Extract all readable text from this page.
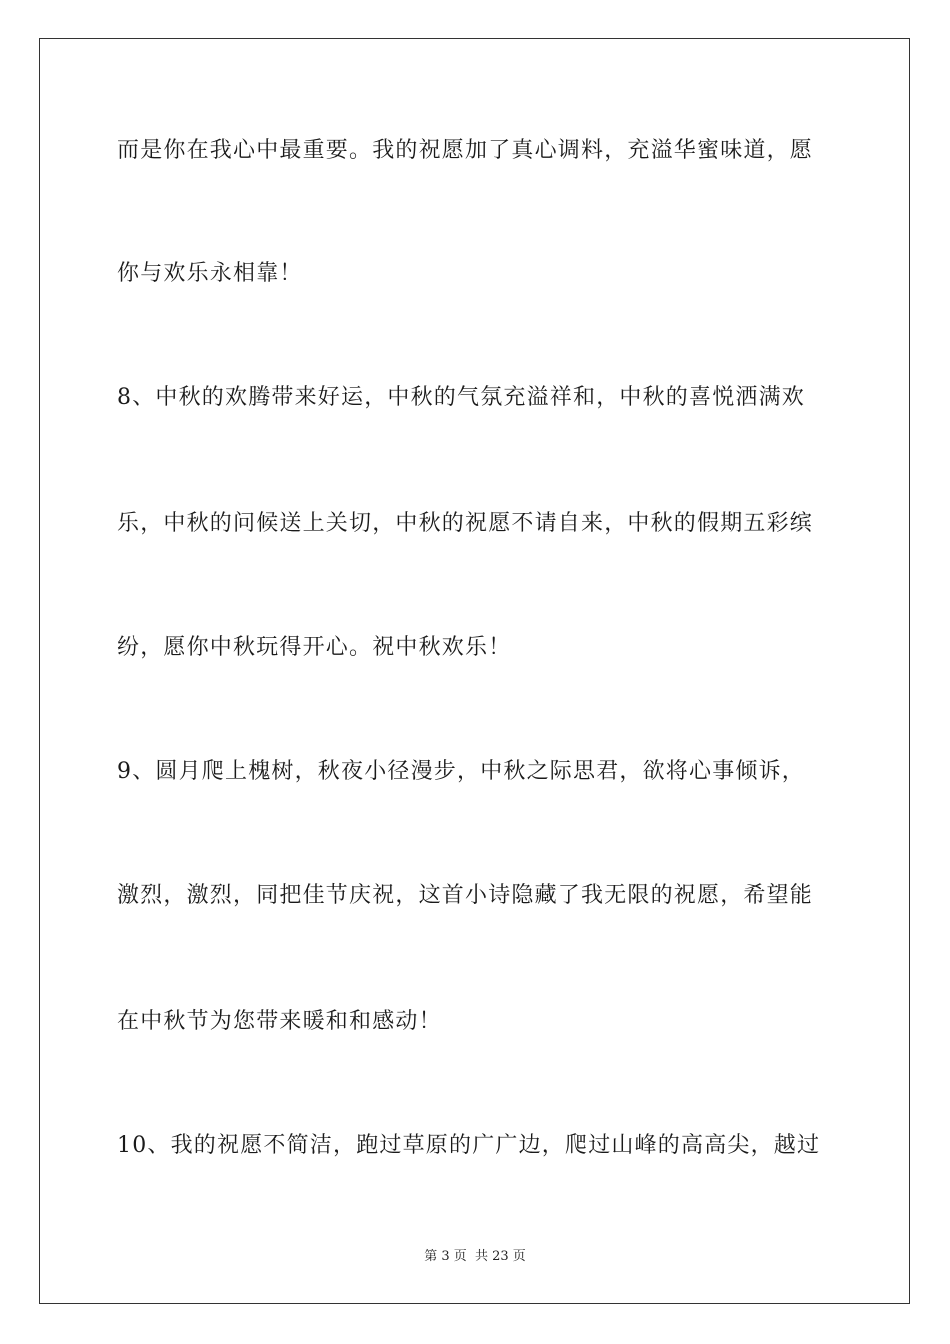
而是你在我心中最重要。我的祝愿加了真心调料，充溢华蜜味道，愿

你与欢乐永相靠！

8、中秋的欢腾带来好运，中秋的气氛充溢祥和，中秋的喜悦洒满欢

乐，中秋的问候送上关切，中秋的祝愿不请自来，中秋的假期五彩缤

纷，愿你中秋玩得开心。祝中秋欢乐！

9、圆月爬上槐树，秋夜小径漫步，中秋之际思君，欲将心事倾诉，

激烈，激烈，同把佳节庆祝，这首小诗隐藏了我无限的祝愿，希望能

在中秋节为您带来暖和和感动！

10、我的祝愿不简洁，跑过草原的广广边，爬过山峰的高高尖，越过

第 3 页 共 23 页
